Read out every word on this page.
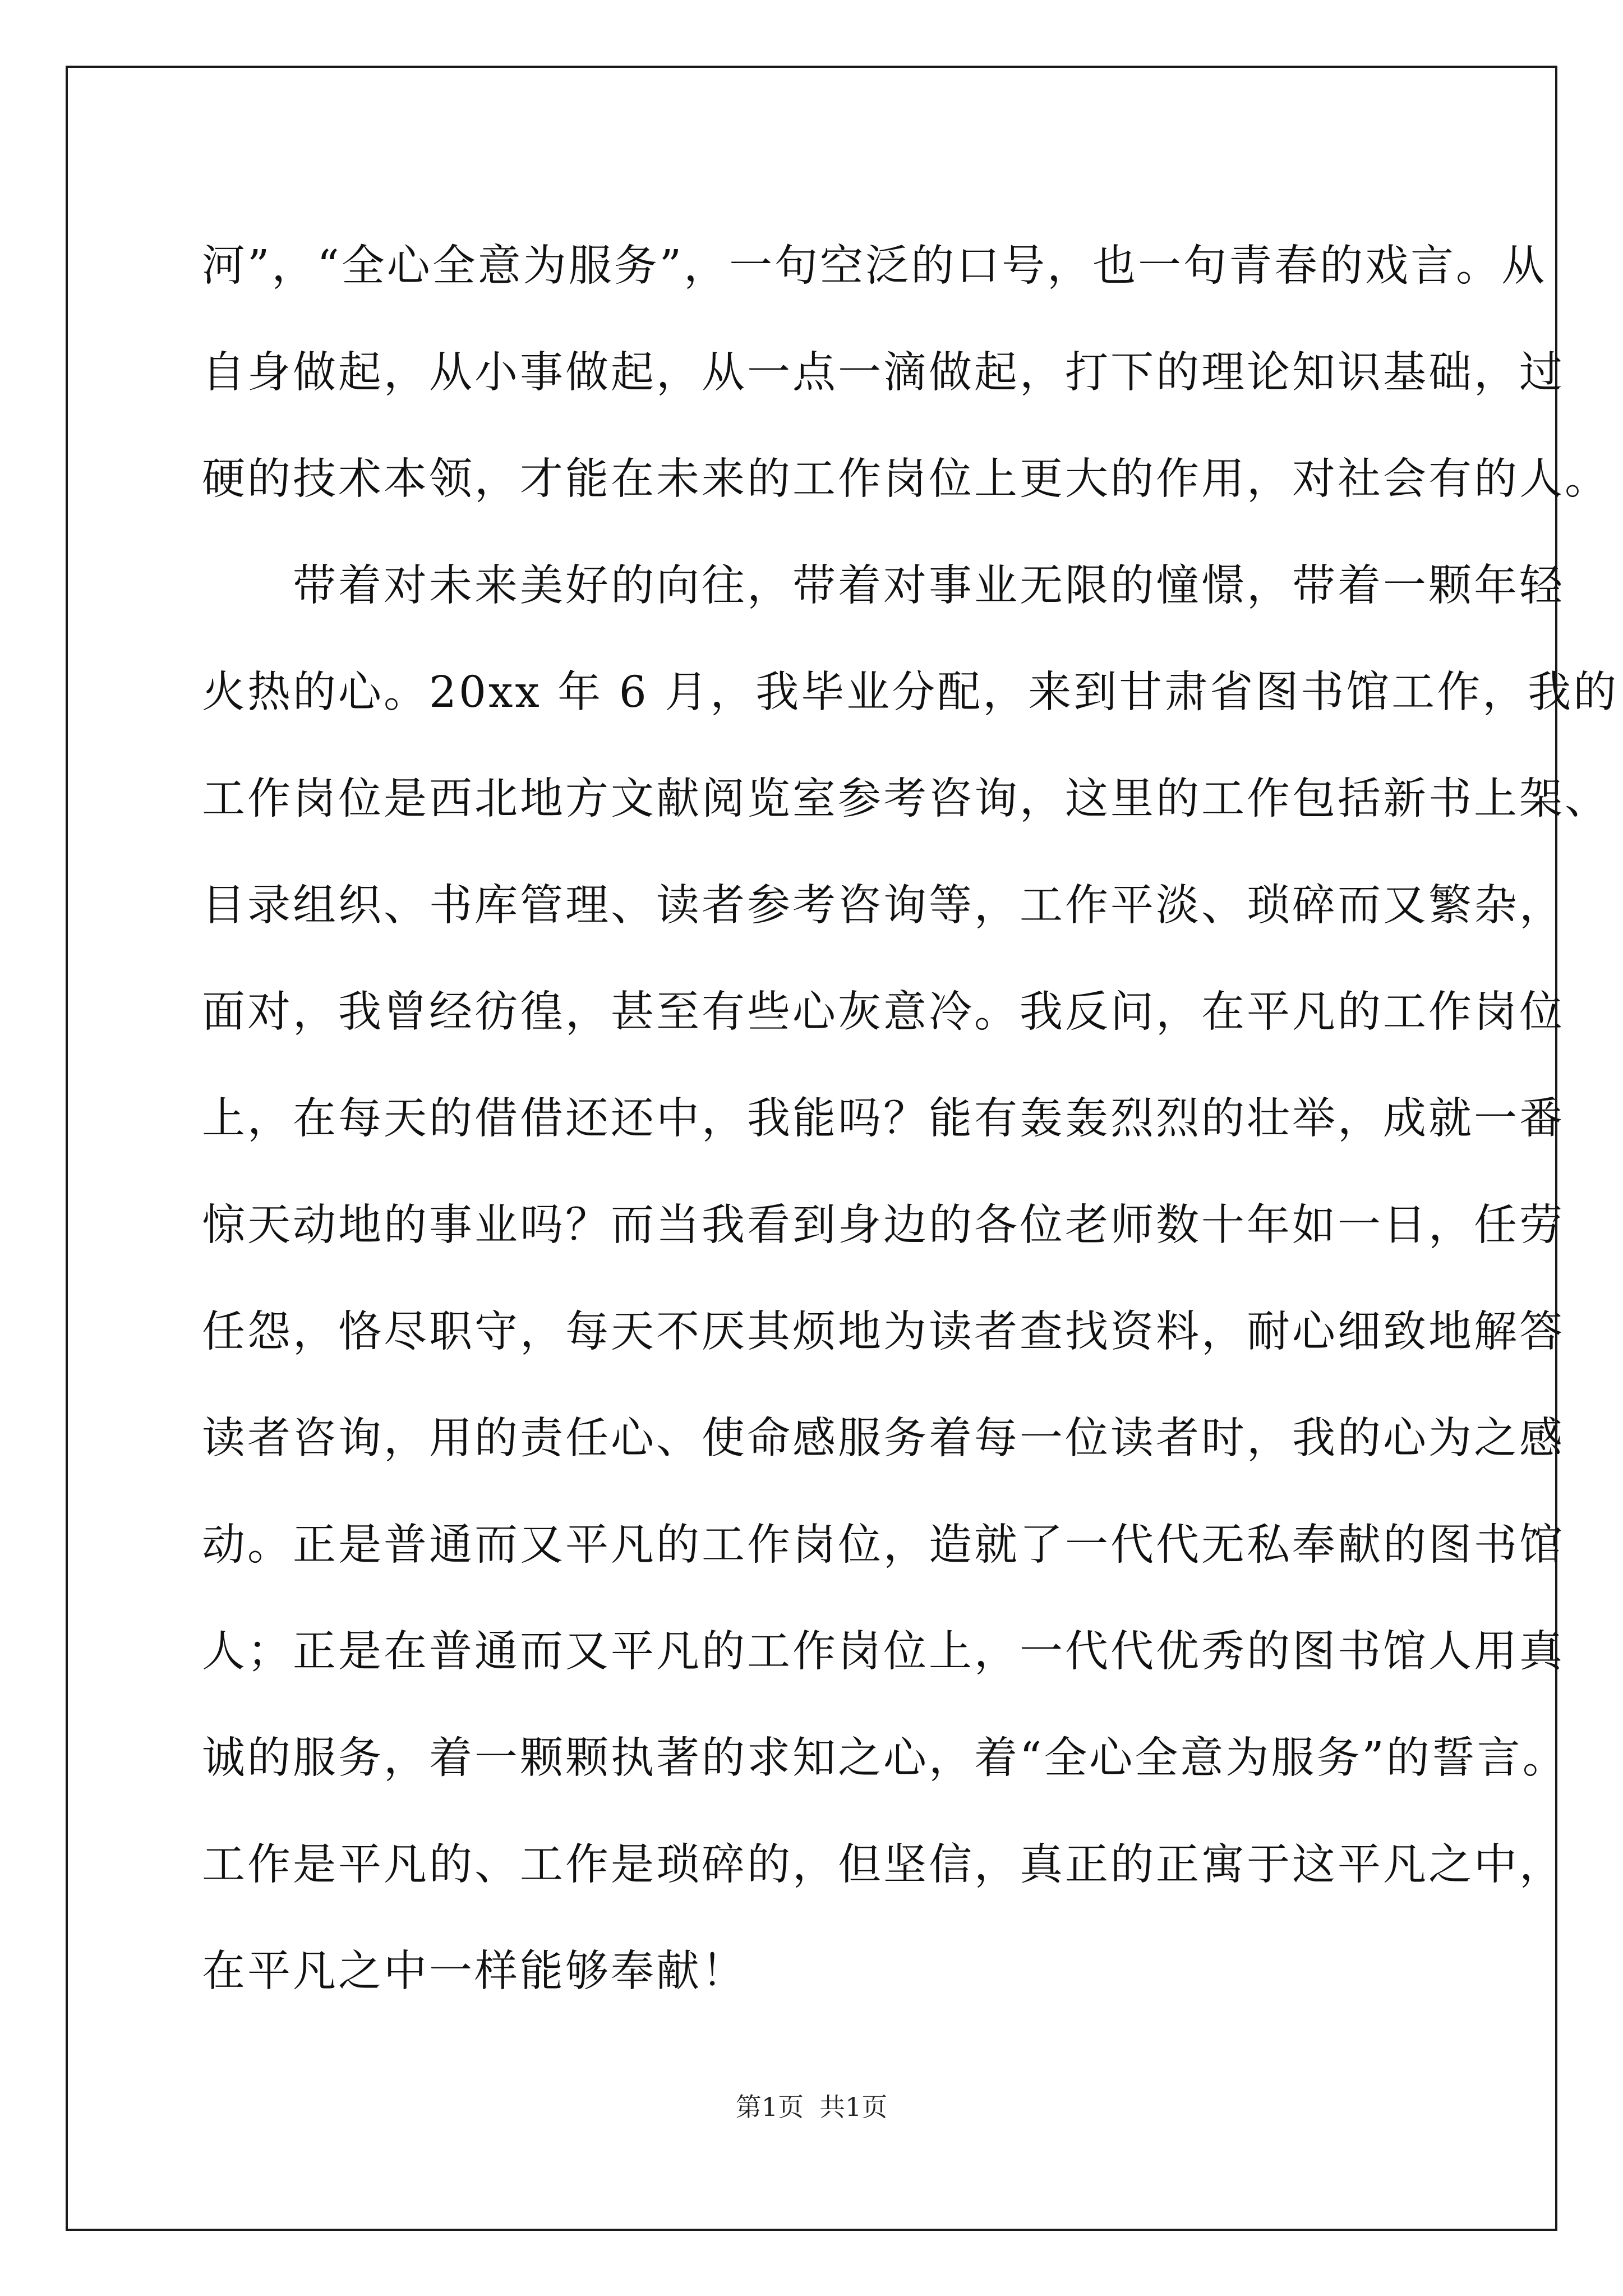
河”，“全心全意为服务”，一句空泛的口号，也一句青春的戏言。从
自身做起，从小事做起，从一点一滴做起，打下的理论知识基础，过
硬的技术本领，才能在未来的工作岗位上更大的作用，对社会有的人。
　　带着对未来美好的向往，带着对事业无限的憧憬，带着一颗年轻
火热的心。20xx 年 6 月，我毕业分配，来到甘肃省图书馆工作，我的
工作岗位是西北地方文献阅览室参考咨询，这里的工作包括新书上架、
目录组织、书库管理、读者参考咨询等，工作平淡、琐碎而又繁杂，
面对，我曾经彷徨，甚至有些心灰意冷。我反问，在平凡的工作岗位
上，在每天的借借还还中，我能吗？能有轰轰烈烈的壮举，成就一番
惊天动地的事业吗？而当我看到身边的各位老师数十年如一日，任劳
任怨，恪尽职守，每天不厌其烦地为读者查找资料，耐心细致地解答
读者咨询，用的责任心、使命感服务着每一位读者时，我的心为之感
动。正是普通而又平凡的工作岗位，造就了一代代无私奉献的图书馆
人；正是在普通而又平凡的工作岗位上，一代代优秀的图书馆人用真
诚的服务，着一颗颗执著的求知之心，着“全心全意为服务”的誓言。
工作是平凡的、工作是琐碎的，但坚信，真正的正寓于这平凡之中，
在平凡之中一样能够奉献！
第1页 共1页
